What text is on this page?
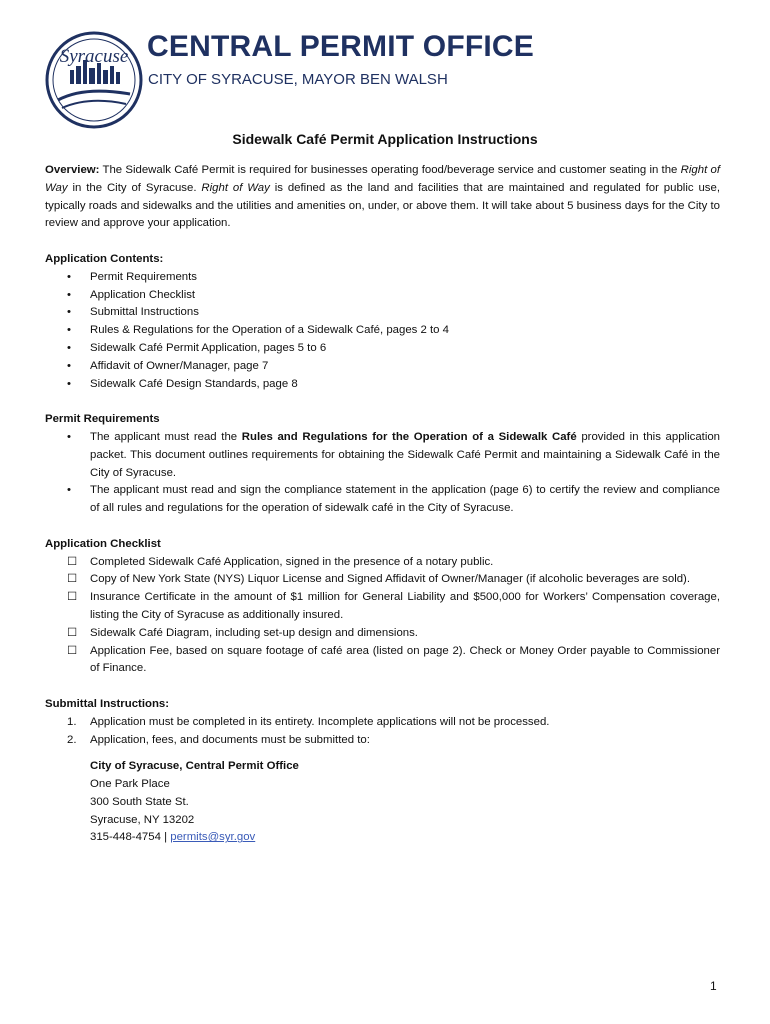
Syracuse CENTRAL PERMIT OFFICE
CITY OF SYRACUSE, MAYOR BEN WALSH
Sidewalk Café Permit Application Instructions

Overview: The Sidewalk Café Permit is required for businesses operating food/beverage service and customer seating in the Right of Way in the City of Syracuse. Right of Way is defined as the land and facilities that are maintained and regulated for public use, typically roads and sidewalks and the utilities and amenities on, under, or above them. It will take about 5 business days for the City to review and approve your application.

Application Contents:

• Permit Requirements
• Application Checklist
• Submittal Instructions
• Rules & Regulations for the Operation of a Sidewalk Café, pages 2 to 4
• Sidewalk Café Permit Application, pages 5 to 6
• Affidavit of Owner/Manager, page 7
• Sidewalk Café Design Standards, page 8

Permit Requirements

• The applicant must read the Rules and Regulations for the Operation of a Sidewalk Café provided in this application packet. This document outlines requirements for obtaining the Sidewalk Café Permit and maintaining a Sidewalk Café in the City of Syracuse.
• The applicant must read and sign the compliance statement in the application (page 6) to certify the review and compliance of all rules and regulations for the operation of sidewalk café in the City of Syracuse.

Application Checklist

☐ Completed Sidewalk Café Application, signed in the presence of a notary public.
☐ Copy of New York State (NYS) Liquor License and Signed Affidavit of Owner/Manager (if alcoholic beverages are sold).
☐ Insurance Certificate in the amount of $1 million for General Liability and $500,000 for Workers’ Compensation coverage, listing the City of Syracuse as additionally insured.
☐ Sidewalk Café Diagram, including set-up design and dimensions.
☐ Application Fee, based on square footage of café area (listed on page 2). Check or Money Order payable to Commissioner of Finance.

Submittal Instructions:

1. Application must be completed in its entirety. Incomplete applications will not be processed.
2. Application, fees, and documents must be submitted to:
City of Syracuse, Central Permit Office
One Park Place
300 South State St.
Syracuse, NY 13202
315-448-4754 | permits@syr.gov
1
